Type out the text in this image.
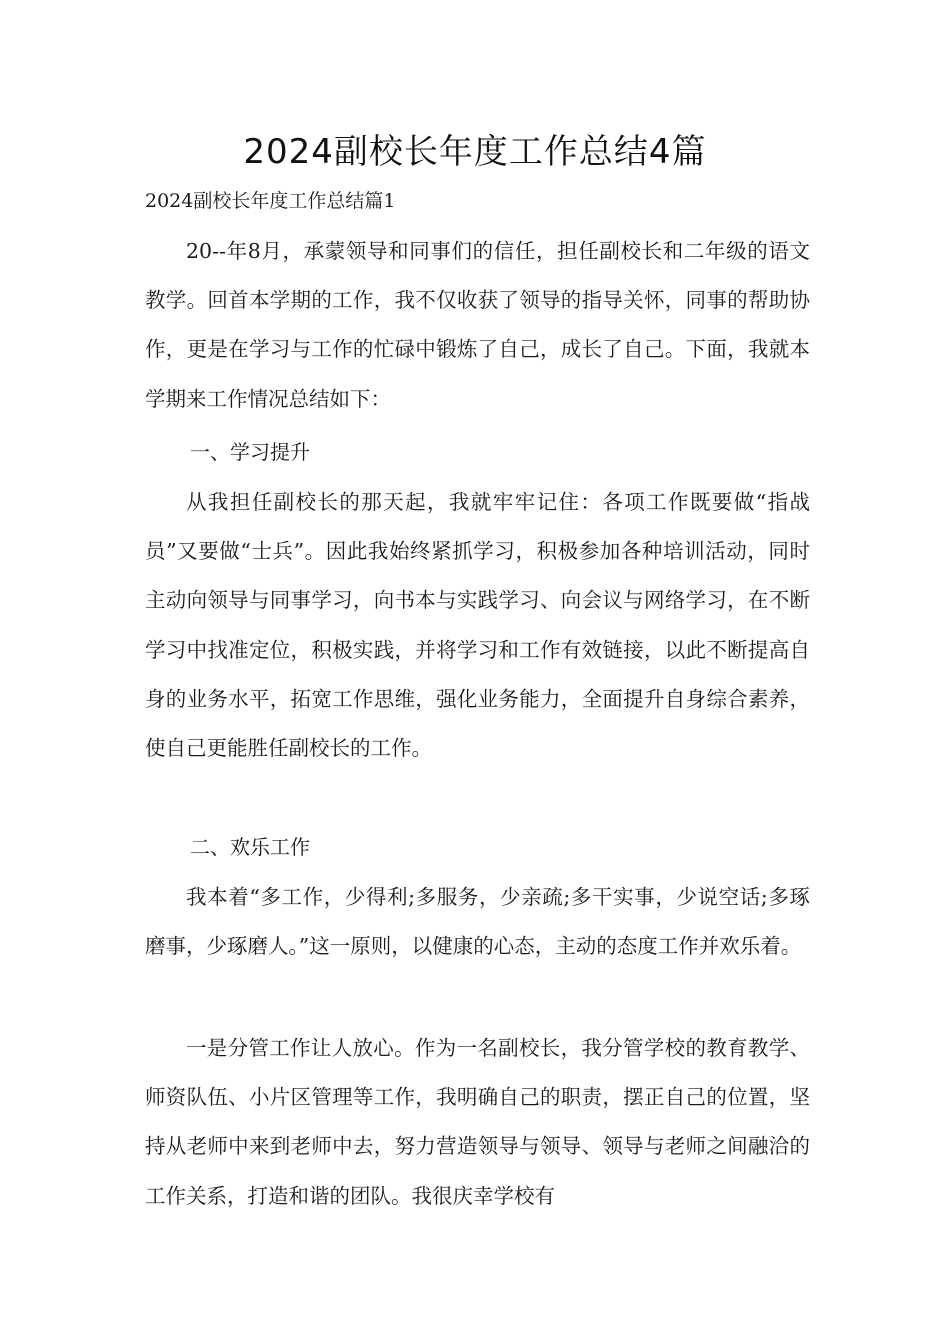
2024副校长年度工作总结4篇
2024副校长年度工作总结篇1

20--年8月，承蒙领导和同事们的信任，担任副校长和二年级的语文教学。回首本学期的工作，我不仅收获了领导的指导关怀，同事的帮助协作，更是在学习与工作的忙碌中锻炼了自己，成长了自己。下面，我就本学期来工作情况总结如下：

一、学习提升

从我担任副校长的那天起，我就牢牢记住：各项工作既要做“指战员”又要做“士兵”。因此我始终紧抓学习，积极参加各种培训活动，同时主动向领导与同事学习，向书本与实践学习、向会议与网络学习，在不断学习中找准定位，积极实践，并将学习和工作有效链接，以此不断提高自身的业务水平，拓宽工作思维，强化业务能力，全面提升自身综合素养，使自己更能胜任副校长的工作。

二、欢乐工作

我本着“多工作，少得利;多服务，少亲疏;多干实事，少说空话;多琢磨事，少琢磨人。”这一原则，以健康的心态，主动的态度工作并欢乐着。

一是分管工作让人放心。作为一名副校长，我分管学校的教育教学、师资队伍、小片区管理等工作，我明确自己的职责，摆正自己的位置，坚持从老师中来到老师中去，努力营造领导与领导、领导与老师之间融洽的工作关系，打造和谐的团队。我很庆幸学校有
